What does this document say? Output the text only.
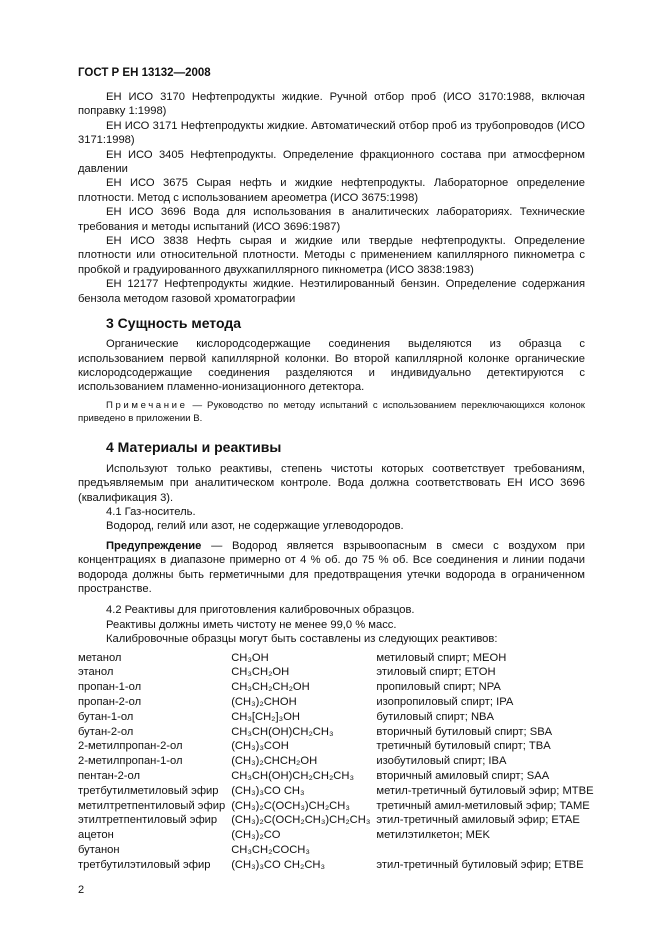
ГОСТ Р ЕН 13132—2008

ЕН ИСО 3170 Нефтепродукты жидкие. Ручной отбор проб (ИСО 3170:1988, включая поправку 1:1998)

ЕН ИСО 3171 Нефтепродукты жидкие. Автоматический отбор проб из трубопроводов (ИСО 3171:1998)

ЕН ИСО 3405 Нефтепродукты. Определение фракционного состава при атмосферном давлении

ЕН ИСО 3675 Сырая нефть и жидкие нефтепродукты. Лабораторное определение плотности. Метод с использованием ареометра (ИСО 3675:1998)

ЕН ИСО 3696 Вода для использования в аналитических лабораториях. Технические требования и методы испытаний (ИСО 3696:1987)

ЕН ИСО 3838 Нефть сырая и жидкие или твердые нефтепродукты. Определение плотности или относительной плотности. Методы с применением капиллярного пикнометра с пробкой и градуированного двухкапиллярного пикнометра (ИСО 3838:1983)

ЕН 12177 Нефтепродукты жидкие. Неэтилированный бензин. Определение содержания бензола методом газовой хроматографии

3 Сущность метода

Органические кислородсодержащие соединения выделяются из образца с использованием первой капиллярной колонки. Во второй капиллярной колонке органические кислородсодержащие соединения разделяются и индивидуально детектируются с использованием пламенно-ионизационного детектора.

Примечание — Руководство по методу испытаний с использованием переключающихся колонок приведено в приложении В.

4 Материалы и реактивы

Используют только реактивы, степень чистоты которых соответствует требованиям, предъявляемым при аналитическом контроле. Вода должна соответствовать ЕН ИСО 3696 (квалификация 3).

4.1 Газ-носитель.

Водород, гелий или азот, не содержащие углеводородов.

Предупреждение — Водород является взрывоопасным в смеси с воздухом при концентрациях в диапазоне примерно от 4 % об. до 75 % об. Все соединения и линии подачи водорода должны быть герметичными для предотвращения утечки водорода в ограниченном пространстве.

4.2 Реактивы для приготовления калибровочных образцов.

Реактивы должны иметь чистоту не менее 99,0 % масс.

Калибровочные образцы могут быть составлены из следующих реактивов:

метанол	CH₃OH	метиловый спирт; MEOH
этанол	CH₃CH₂OH	этиловый спирт; ETOH
пропан-1-ол	CH₃CH₂CH₂OH	пропиловый спирт; NPA
пропан-2-ол	(CH₃)₂CHOH	изопропиловый спирт; IPA
бутан-1-ол	CH₃[CH₂]₃OH	бутиловый спирт; NBA
бутан-2-ол	CH₃CH(OH)CH₂CH₃	вторичный бутиловый спирт; SBA
2-метилпропан-2-ол	(CH₃)₃COH	третичный бутиловый спирт; TBA
2-метилпропан-1-ол	(CH₃)₂CHCH₂OH	изобутиловый спирт; IBA
пентан-2-ол	CH₃CH(OH)CH₂CH₂CH₃	вторичный амиловый спирт; SAA
третбутилметиловый эфир	(CH₃)₃CO CH₃	метил-третичный бутиловый эфир; MTBE
метилтретпентиловый эфир	(CH₃)₂C(OCH₃)CH₂CH₃	третичный амил-метиловый эфир; TAME
этилтретпентиловый эфир	(CH₃)₂C(OCH₂CH₃)CH₂CH₃	этил-третичный амиловый эфир; ETAE
ацетон	(CH₃)₂CO	метилэтилкетон; MEK
бутанон	CH₃CH₂COCH₃	
третбутилэтиловый эфир	(CH₃)₃CO CH₂CH₃	этил-третичный бутиловый эфир; ETBE
2
